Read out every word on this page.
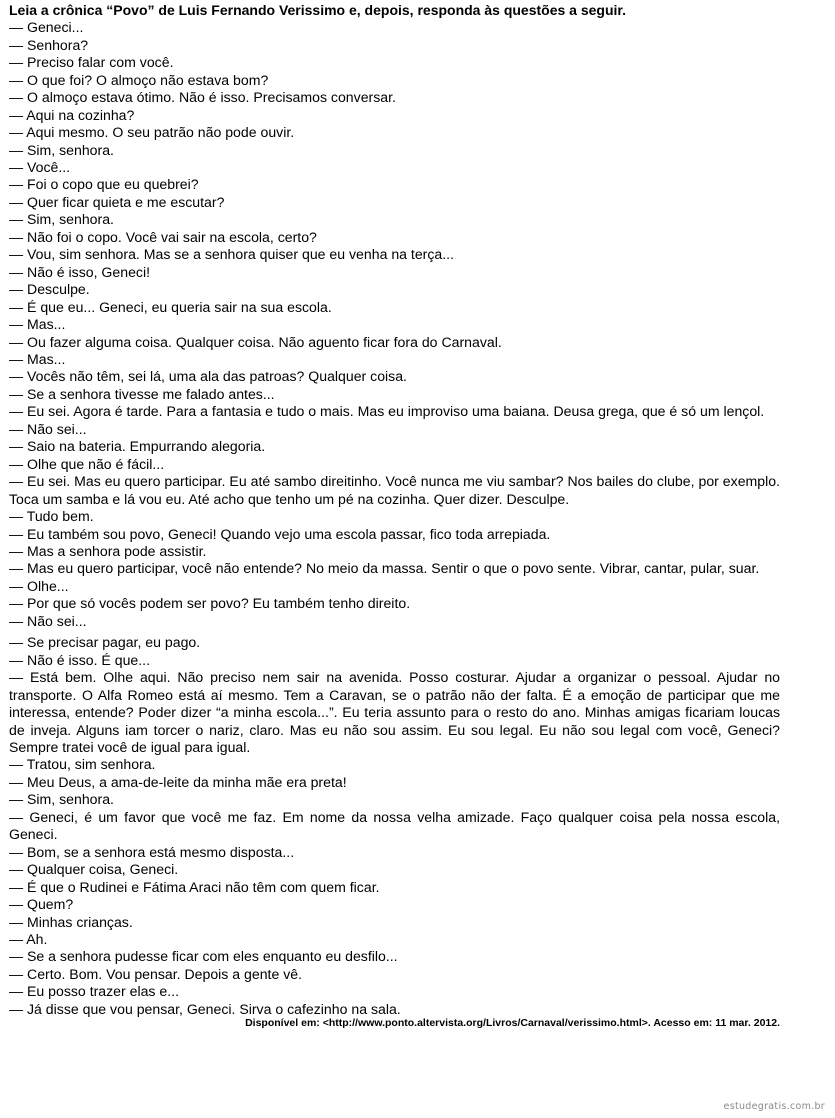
Leia a crônica “Povo” de Luis Fernando Verissimo e, depois, responda às questões a seguir.
— Geneci...
— Senhora?
— Preciso falar com você.
— O que foi? O almoço não estava bom?
— O almoço estava ótimo. Não é isso. Precisamos conversar.
— Aqui na cozinha?
— Aqui mesmo. O seu patrão não pode ouvir.
— Sim, senhora.
— Você...
— Foi o copo que eu quebrei?
— Quer ficar quieta e me escutar?
— Sim, senhora.
— Não foi o copo. Você vai sair na escola, certo?
— Vou, sim senhora. Mas se a senhora quiser que eu venha na terça...
— Não é isso, Geneci!
— Desculpe.
— É que eu... Geneci, eu queria sair na sua escola.
— Mas...
— Ou fazer alguma coisa. Qualquer coisa. Não aguento ficar fora do Carnaval.
— Mas...
— Vocês não têm, sei lá, uma ala das patroas? Qualquer coisa.
— Se a senhora tivesse me falado antes...
— Eu sei. Agora é tarde. Para a fantasia e tudo o mais. Mas eu improviso uma baiana. Deusa grega, que é só um lençol.
— Não sei...
— Saio na bateria. Empurrando alegoria.
— Olhe que não é fácil...
— Eu sei. Mas eu quero participar. Eu até sambo direitinho. Você nunca me viu sambar? Nos bailes do clube, por exemplo. Toca um samba e lá vou eu. Até acho que tenho um pé na cozinha. Quer dizer. Desculpe.
— Tudo bem.
— Eu também sou povo, Geneci! Quando vejo uma escola passar, fico toda arrepiada.
— Mas a senhora pode assistir.
— Mas eu quero participar, você não entende? No meio da massa. Sentir o que o povo sente. Vibrar, cantar, pular, suar.
— Olhe...
— Por que só vocês podem ser povo? Eu também tenho direito.
— Não sei...
— Se precisar pagar, eu pago.
— Não é isso. É que...
— Está bem. Olhe aqui. Não preciso nem sair na avenida. Posso costurar. Ajudar a organizar o pessoal. Ajudar no transporte. O Alfa Romeo está aí mesmo. Tem a Caravan, se o patrão não der falta. É a emoção de participar que me interessa, entende? Poder dizer “a minha escola...”. Eu teria assunto para o resto do ano. Minhas amigas ficariam loucas de inveja. Alguns iam torcer o nariz, claro. Mas eu não sou assim. Eu sou legal. Eu não sou legal com você, Geneci? Sempre tratei você de igual para igual.
— Tratou, sim senhora.
— Meu Deus, a ama-de-leite da minha mãe era preta!
— Sim, senhora.
— Geneci, é um favor que você me faz. Em nome da nossa velha amizade. Faço qualquer coisa pela nossa escola, Geneci.
— Bom, se a senhora está mesmo disposta...
— Qualquer coisa, Geneci.
— É que o Rudinei e Fátima Araci não têm com quem ficar.
— Quem?
— Minhas crianças.
— Ah.
— Se a senhora pudesse ficar com eles enquanto eu desfilo...
— Certo. Bom. Vou pensar. Depois a gente vê.
— Eu posso trazer elas e...
— Já disse que vou pensar, Geneci. Sirva o cafezinho na sala.
Disponível em: <http://www.ponto.altervista.org/Livros/Carnaval/verissimo.html>. Acesso em: 11 mar. 2012.
estudegratis.com.br
